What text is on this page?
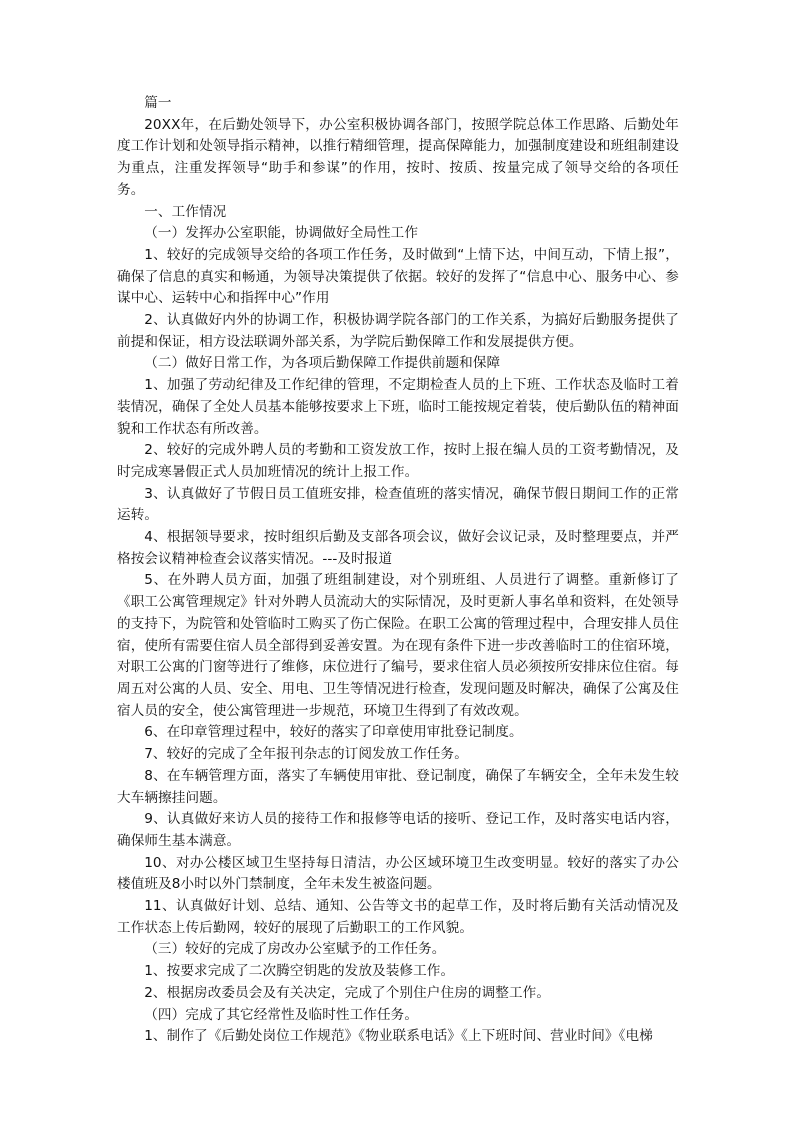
篇一

20XX年，在后勤处领导下，办公室积极协调各部门，按照学院总体工作思路、后勤处年度工作计划和处领导指示精神，以推行精细管理，提高保障能力，加强制度建设和班组制建设为重点，注重发挥领导“助手和参谋”的作用，按时、按质、按量完成了领导交给的各项任务。

一、工作情况

（一）发挥办公室职能，协调做好全局性工作

1、较好的完成领导交给的各项工作任务，及时做到“上情下达，中间互动，下情上报”，确保了信息的真实和畅通，为领导决策提供了依据。较好的发挥了“信息中心、服务中心、参谋中心、运转中心和指挥中心”作用

2、认真做好内外的协调工作，积极协调学院各部门的工作关系，为搞好后勤服务提供了前提和保证，相方设法联调外部关系，为学院后勤保障工作和发展提供方便。

（二）做好日常工作，为各项后勤保障工作提供前题和保障

1、加强了劳动纪律及工作纪律的管理，不定期检查人员的上下班、工作状态及临时工着装情况，确保了全处人员基本能够按要求上下班，临时工能按规定着装，使后勤队伍的精神面貌和工作状态有所改善。

2、较好的完成外聘人员的考勤和工资发放工作，按时上报在编人员的工资考勤情况，及时完成寒暑假正式人员加班情况的统计上报工作。

3、认真做好了节假日员工值班安排，检查值班的落实情况，确保节假日期间工作的正常运转。

4、根据领导要求，按时组织后勤及支部各项会议，做好会议记录，及时整理要点，并严格按会议精神检查会议落实情况。---及时报道

5、在外聘人员方面，加强了班组制建设，对个别班组、人员进行了调整。重新修订了《职工公寓管理规定》针对外聘人员流动大的实际情况，及时更新人事名单和资料，在处领导的支持下，为院管和处管临时工购买了伤亡保险。在职工公寓的管理过程中，合理安排人员住宿，使所有需要住宿人员全部得到妥善安置。为在现有条件下进一步改善临时工的住宿环境，对职工公寓的门窗等进行了维修，床位进行了编号，要求住宿人员必须按所安排床位住宿。每周五对公寓的人员、安全、用电、卫生等情况进行检查，发现问题及时解决，确保了公寓及住宿人员的安全，使公寓管理进一步规范，环境卫生得到了有效改观。

6、在印章管理过程中，较好的落实了印章使用审批登记制度。

7、较好的完成了全年报刊杂志的订阅发放工作任务。

8、在车辆管理方面，落实了车辆使用审批、登记制度，确保了车辆安全，全年未发生较大车辆擦挂问题。

9、认真做好来访人员的接待工作和报修等电话的接听、登记工作，及时落实电话内容，确保师生基本满意。

10、对办公楼区域卫生坚持每日清洁，办公区域环境卫生改变明显。较好的落实了办公楼值班及8小时以外门禁制度，全年未发生被盗问题。

11、认真做好计划、总结、通知、公告等文书的起草工作，及时将后勤有关活动情况及工作状态上传后勤网，较好的展现了后勤职工的工作风貌。

（三）较好的完成了房改办公室赋予的工作任务。

1、按要求完成了二次腾空钥匙的发放及装修工作。

2、根据房改委员会及有关决定，完成了个别住户住房的调整工作。

（四）完成了其它经常性及临时性工作任务。

1、制作了《后勤处岗位工作规范》《物业联系电话》《上下班时间、营业时间》《电梯
